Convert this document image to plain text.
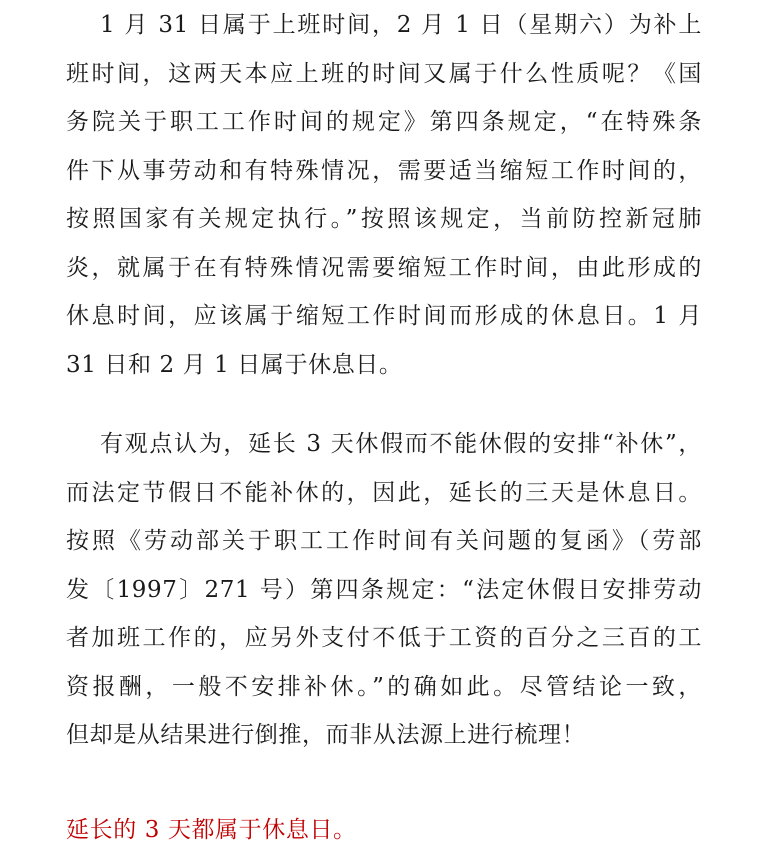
1 月 31 日属于上班时间，2 月 1 日（星期六）为补上
班时间，这两天本应上班的时间又属于什么性质呢？《国
务院关于职工工作时间的规定》第四条规定，“在特殊条
件下从事劳动和有特殊情况，需要适当缩短工作时间的，
按照国家有关规定执行。”按照该规定，当前防控新冠肺
炎，就属于在有特殊情况需要缩短工作时间，由此形成的
休息时间，应该属于缩短工作时间而形成的休息日。1 月
31 日和 2 月 1 日属于休息日。
有观点认为，延长 3 天休假而不能休假的安排“补休”，
而法定节假日不能补休的，因此，延长的三天是休息日。
按照《劳动部关于职工工作时间有关问题的复函》（劳部
发〔1997〕271 号）第四条规定：“法定休假日安排劳动
者加班工作的，应另外支付不低于工资的百分之三百的工
资报酬，一般不安排补休。”的确如此。尽管结论一致，
但却是从结果进行倒推，而非从法源上进行梳理！
延长的 3 天都属于休息日。
